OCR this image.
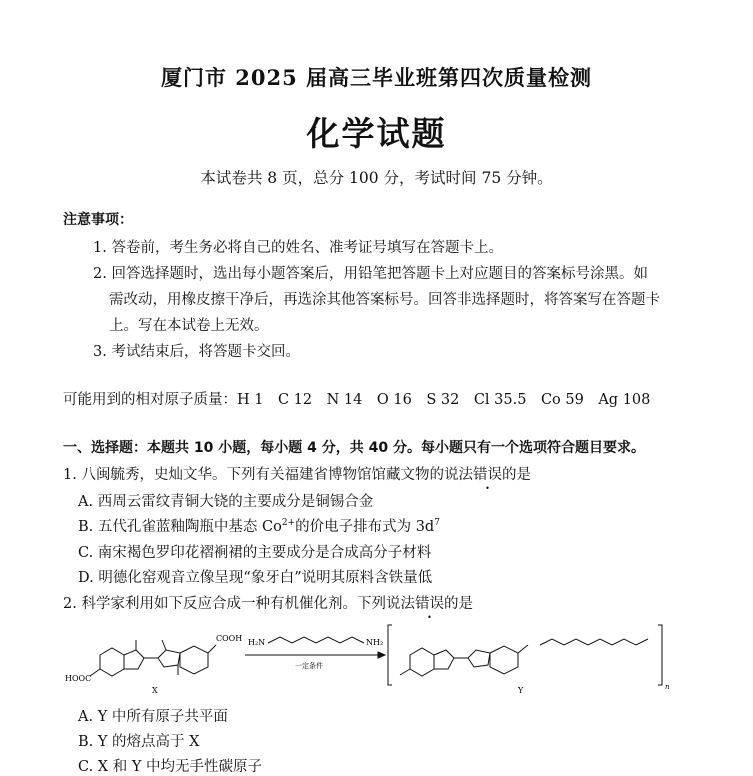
厦门市 2025 届高三毕业班第四次质量检测
化学试题
本试卷共 8 页，总分 100 分，考试时间 75 分钟。
注意事项：
1. 答卷前，考生务必将自己的姓名、准考证号填写在答题卡上。
2. 回答选择题时，选出每小题答案后，用铅笔把答题卡上对应题目的答案标号涂黑。如
需改动，用橡皮擦干净后，再选涂其他答案标号。回答非选择题时，将答案写在答题卡
上。写在本试卷上无效。
3. 考试结束后，将答题卡交回。
可能用到的相对原子质量：H 1　C 12　N 14　O 16　S 32　Cl 35.5　Co 59　Ag 108
一、选择题：本题共 10 小题，每小题 4 分，共 40 分。每小题只有一个选项符合题目要求。
1. 八闽毓秀，史灿文华。下列有关福建省博物馆馆藏文物的说法错误的是
A. 西周云雷纹青铜大铙的主要成分是铜锡合金
B. 五代孔雀蓝釉陶瓶中基态 $Co^{2+}$的价电子排布式为 $3d^7$
C. 南宋褐色罗印花褶裥裙的主要成分是合成高分子材料
D. 明德化窑观音立像呈现“象牙白”说明其原料含铁量低
2. 科学家利用如下反应合成一种有机催化剂。下列说法错误的是
HOOC
COOH
X
H₂N	NH₂
一定条件
n
Y
A. Y 中所有原子共平面
B. Y 的熔点高于 X
C. X 和 Y 中均无手性碳原子
